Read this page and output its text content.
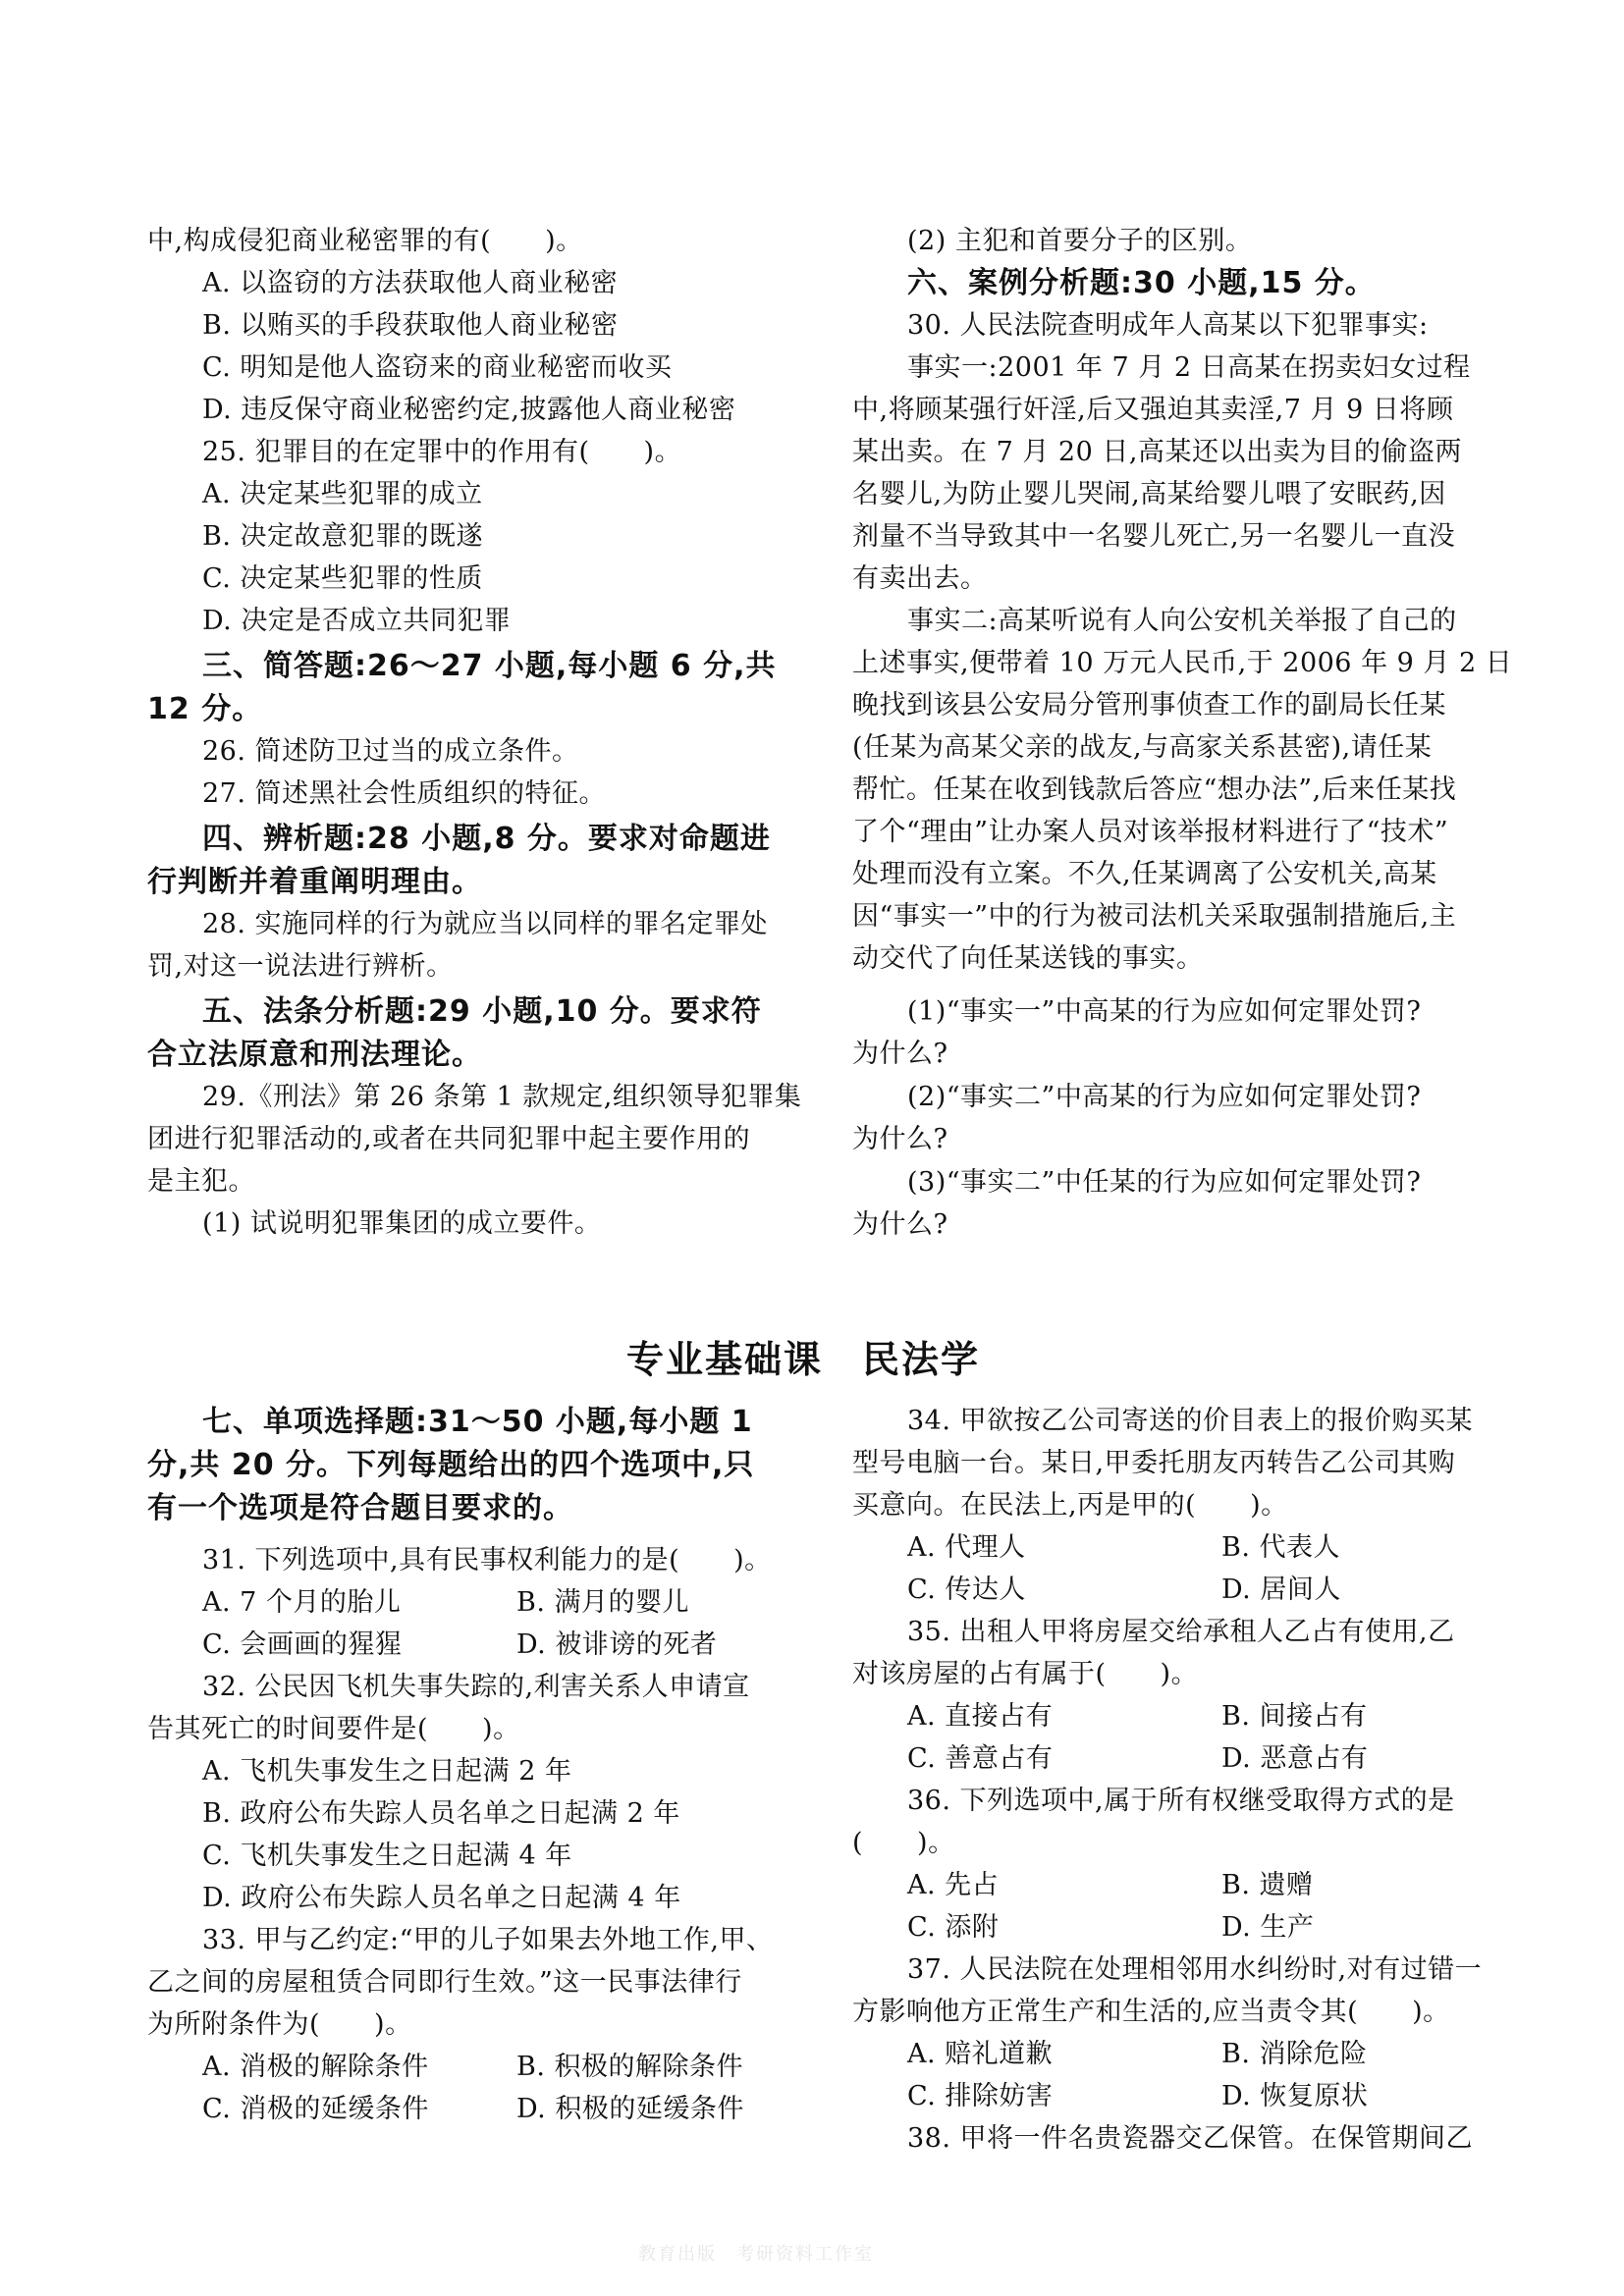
中,构成侵犯商业秘密罪的有(　　)。
A. 以盗窃的方法获取他人商业秘密
B. 以贿买的手段获取他人商业秘密
C. 明知是他人盗窃来的商业秘密而收买
D. 违反保守商业秘密约定,披露他人商业秘密
25. 犯罪目的在定罪中的作用有(　　)。
A. 决定某些犯罪的成立
B. 决定故意犯罪的既遂
C. 决定某些犯罪的性质
D. 决定是否成立共同犯罪
三、简答题:26～27 小题,每小题 6 分,共
12 分。
26. 简述防卫过当的成立条件。
27. 简述黑社会性质组织的特征。
四、辨析题:28 小题,8 分。要求对命题进
行判断并着重阐明理由。
28. 实施同样的行为就应当以同样的罪名定罪处
罚,对这一说法进行辨析。
五、法条分析题:29 小题,10 分。要求符
合立法原意和刑法理论。
29.《刑法》第 26 条第 1 款规定,组织领导犯罪集
团进行犯罪活动的,或者在共同犯罪中起主要作用的
是主犯。
(1) 试说明犯罪集团的成立要件。
(2) 主犯和首要分子的区别。
六、案例分析题:30 小题,15 分。
30. 人民法院查明成年人高某以下犯罪事实:
事实一:2001 年 7 月 2 日高某在拐卖妇女过程
中,将顾某强行奸淫,后又强迫其卖淫,7 月 9 日将顾
某出卖。在 7 月 20 日,高某还以出卖为目的偷盗两
名婴儿,为防止婴儿哭闹,高某给婴儿喂了安眠药,因
剂量不当导致其中一名婴儿死亡,另一名婴儿一直没
有卖出去。
事实二:高某听说有人向公安机关举报了自己的
上述事实,便带着 10 万元人民币,于 2006 年 9 月 2 日
晚找到该县公安局分管刑事侦查工作的副局长任某
(任某为高某父亲的战友,与高家关系甚密),请任某
帮忙。任某在收到钱款后答应“想办法”,后来任某找
了个“理由”让办案人员对该举报材料进行了“技术”
处理而没有立案。不久,任某调离了公安机关,高某
因“事实一”中的行为被司法机关采取强制措施后,主
动交代了向任某送钱的事实。
(1)“事实一”中高某的行为应如何定罪处罚?
为什么?
(2)“事实二”中高某的行为应如何定罪处罚?
为什么?
(3)“事实二”中任某的行为应如何定罪处罚?
为什么?
专业基础课　民法学
七、单项选择题:31～50 小题,每小题 1
分,共 20 分。下列每题给出的四个选项中,只
有一个选项是符合题目要求的。
31. 下列选项中,具有民事权利能力的是(　　)。
A. 7 个月的胎儿	B. 满月的婴儿
C. 会画画的猩猩	D. 被诽谤的死者
32. 公民因飞机失事失踪的,利害关系人申请宣
告其死亡的时间要件是(　　)。
A. 飞机失事发生之日起满 2 年
B. 政府公布失踪人员名单之日起满 2 年
C. 飞机失事发生之日起满 4 年
D. 政府公布失踪人员名单之日起满 4 年
33. 甲与乙约定:“甲的儿子如果去外地工作,甲、
乙之间的房屋租赁合同即行生效。”这一民事法律行
为所附条件为(　　)。
A. 消极的解除条件	B. 积极的解除条件
C. 消极的延缓条件	D. 积极的延缓条件
34. 甲欲按乙公司寄送的价目表上的报价购买某
型号电脑一台。某日,甲委托朋友丙转告乙公司其购
买意向。在民法上,丙是甲的(　　)。
A. 代理人	B. 代表人
C. 传达人	D. 居间人
35. 出租人甲将房屋交给承租人乙占有使用,乙
对该房屋的占有属于(　　)。
A. 直接占有	B. 间接占有
C. 善意占有	D. 恶意占有
36. 下列选项中,属于所有权继受取得方式的是
(　　)。
A. 先占	B. 遗赠
C. 添附	D. 生产
37. 人民法院在处理相邻用水纠纷时,对有过错一
方影响他方正常生产和生活的,应当责令其(　　)。
A. 赔礼道歉	B. 消除危险
C. 排除妨害	D. 恢复原状
38. 甲将一件名贵瓷器交乙保管。在保管期间乙
教育出版　考研资料工作室
